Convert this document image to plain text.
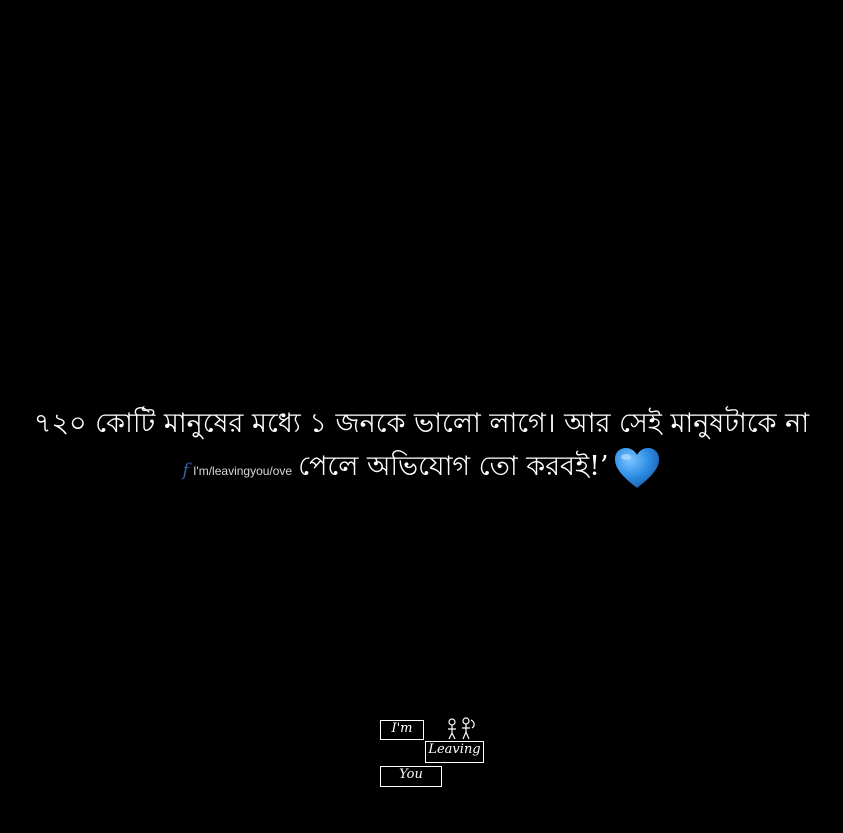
৭২০ কোটি মানুষের মধ্যে ১ জনকে ভালো লাগে। আর সেই মানুষটাকে না
f I'm/leavingyou/ove পেলে অভিযোগ তো করবই!’
I'm
Leaving
You
